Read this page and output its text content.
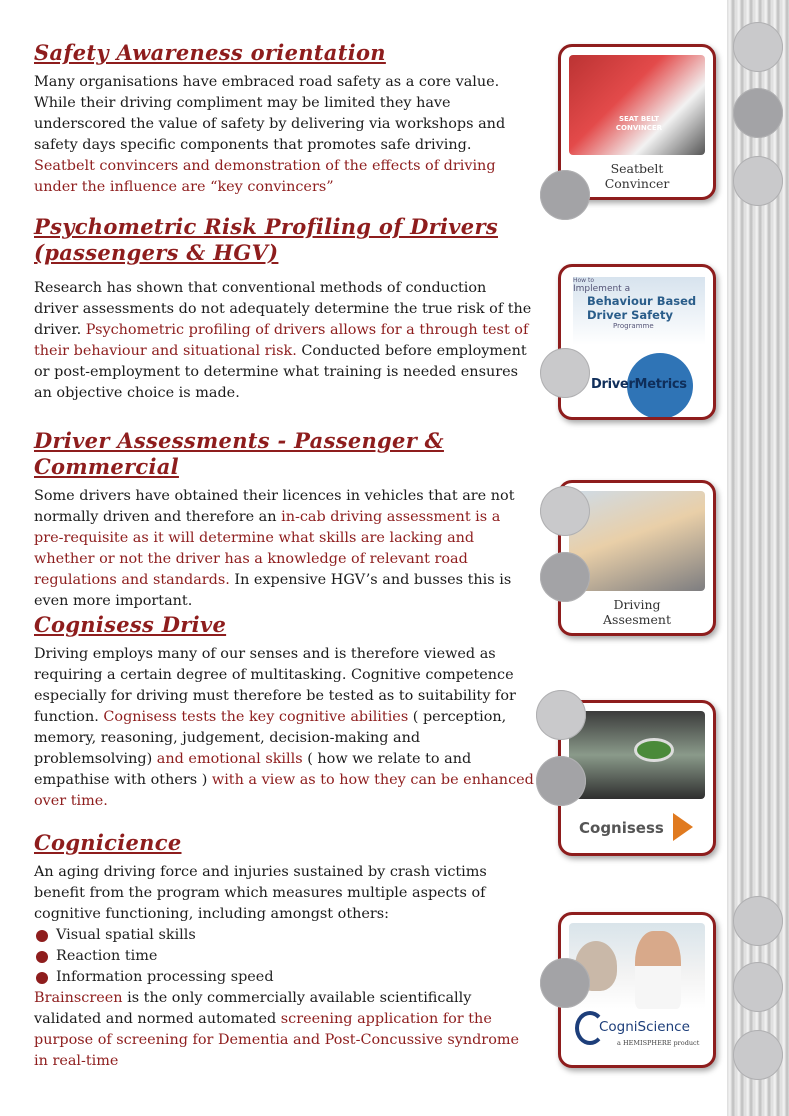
Safety Awareness orientation

Many organisations have embraced road safety as a core value. While their driving compliment may be limited they have underscored the value of safety by delivering via workshops and safety days specific components that promotes safe driving. Seatbelt convincers and demonstration of the effects of driving under the influence are “key convincers”

Psychometric Risk Profiling of Drivers
(passengers & HGV)

Research has shown that conventional methods of conduction driver assessments do not adequately determine the true risk of the driver. Psychometric profiling of drivers allows for a through test of their behaviour and situational risk. Conducted before employment or post-employment to determine what training is needed ensures an objective choice is made.

Driver Assessments - Passenger & Commercial

Some drivers have obtained their licences in vehicles that are not normally driven and therefore an in-cab driving assessment is a pre-requisite as it will determine what skills are lacking and whether or not the driver has a knowledge of relevant road regulations and standards. In expensive HGV’s and busses this is even more important.

Cognisess Drive

Driving employs many of our senses and is therefore viewed as requiring a certain degree of multitasking. Cognitive competence especially for driving must therefore be tested as to suitability for function. Cognisess tests the key cognitive abilities ( perception, memory, reasoning, judgement, decision-making and problemsolving) and emotional skills ( how we relate to and empathise with others ) with a view as to how they can be enhanced over time.

Cognicience

An aging driving force and injuries sustained by crash victims benefit from the program which measures multiple aspects of cognitive functioning, including amongst others:

Visual spatial skills
Reaction time
Information processing speed

Brainscreen is the only commercially available scientifically validated and normed automated screening application for the purpose of screening for Dementia and Post-Concussive syndrome in real-time

SEAT BELT CONVINCER
Seatbelt
Convincer
How to
Implement a
Behaviour Based
Driver Safety
Programme
DriverMetrics
Driving
Assesment
Cognisess
CogniScience
a HEMISPHERE product
